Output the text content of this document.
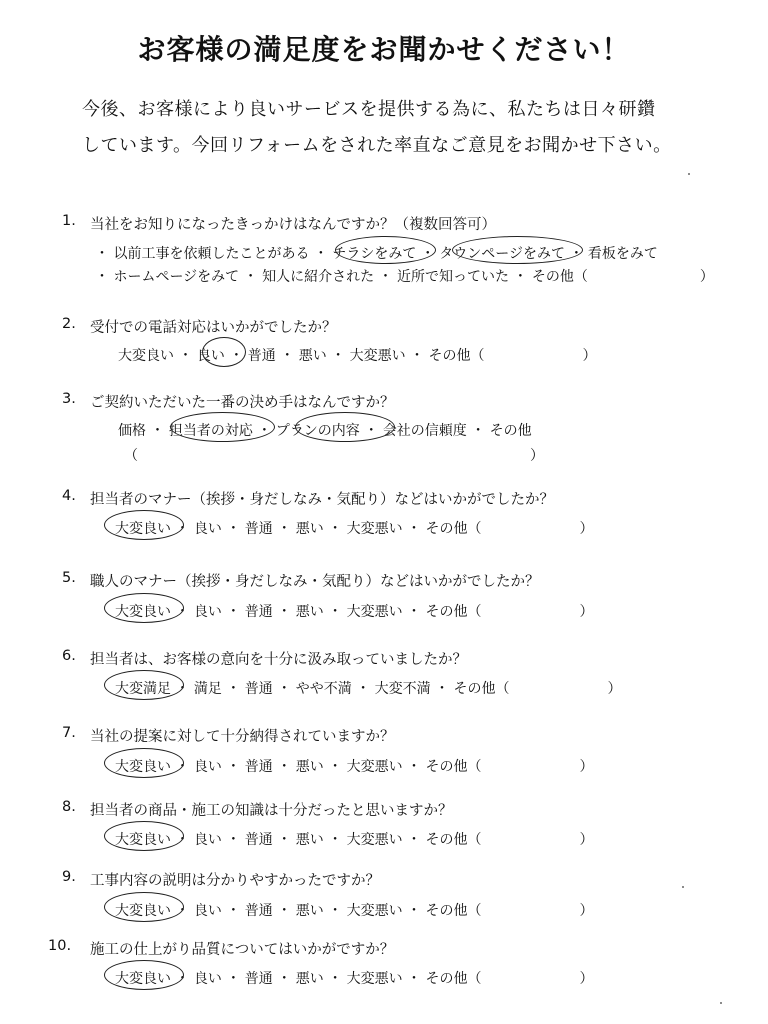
お客様の満足度をお聞かせください！
今後、お客様により良いサービスを提供する為に、私たちは日々研鑽
しています。今回リフォームをされた率直なご意見をお聞かせ下さい。
1. 当社をお知りになったきっかけはなんですか？（複数回答可）
・ 以前工事を依頼したことがある ・ チラシをみて ・ タウンページをみて ・ 看板をみて
・ ホームページをみて ・ 知人に紹介された ・ 近所で知っていた ・ その他（　　　　　　　　）
2. 受付での電話対応はいかがでしたか？
大変良い ・ 良い ・ 普通 ・ 悪い ・ 大変悪い ・ その他（　　　　　　　）
3. ご契約いただいた一番の決め手はなんですか？
価格 ・ 担当者の対応 ・ プランの内容 ・ 会社の信頼度 ・ その他
（　　　　　　　　　　　　　　　　　　　　　　　　　　　　）
4. 担当者のマナー（挨拶・身だしなみ・気配り）などはいかがでしたか？
大変良い ・ 良い ・ 普通 ・ 悪い ・ 大変悪い ・ その他（　　　　　　　）
5. 職人のマナー（挨拶・身だしなみ・気配り）などはいかがでしたか？
大変良い ・ 良い ・ 普通 ・ 悪い ・ 大変悪い ・ その他（　　　　　　　）
6. 担当者は、お客様の意向を十分に汲み取っていましたか？
大変満足 ・ 満足 ・ 普通 ・ やや不満 ・ 大変不満 ・ その他（　　　　　　　）
7. 当社の提案に対して十分納得されていますか？
大変良い ・ 良い ・ 普通 ・ 悪い ・ 大変悪い ・ その他（　　　　　　　）
8. 担当者の商品・施工の知識は十分だったと思いますか？
大変良い ・ 良い ・ 普通 ・ 悪い ・ 大変悪い ・ その他（　　　　　　　）
9. 工事内容の説明は分かりやすかったですか？
大変良い ・ 良い ・ 普通 ・ 悪い ・ 大変悪い ・ その他（　　　　　　　）
10. 施工の仕上がり品質についてはいかがですか？
大変良い ・ 良い ・ 普通 ・ 悪い ・ 大変悪い ・ その他（　　　　　　　）
